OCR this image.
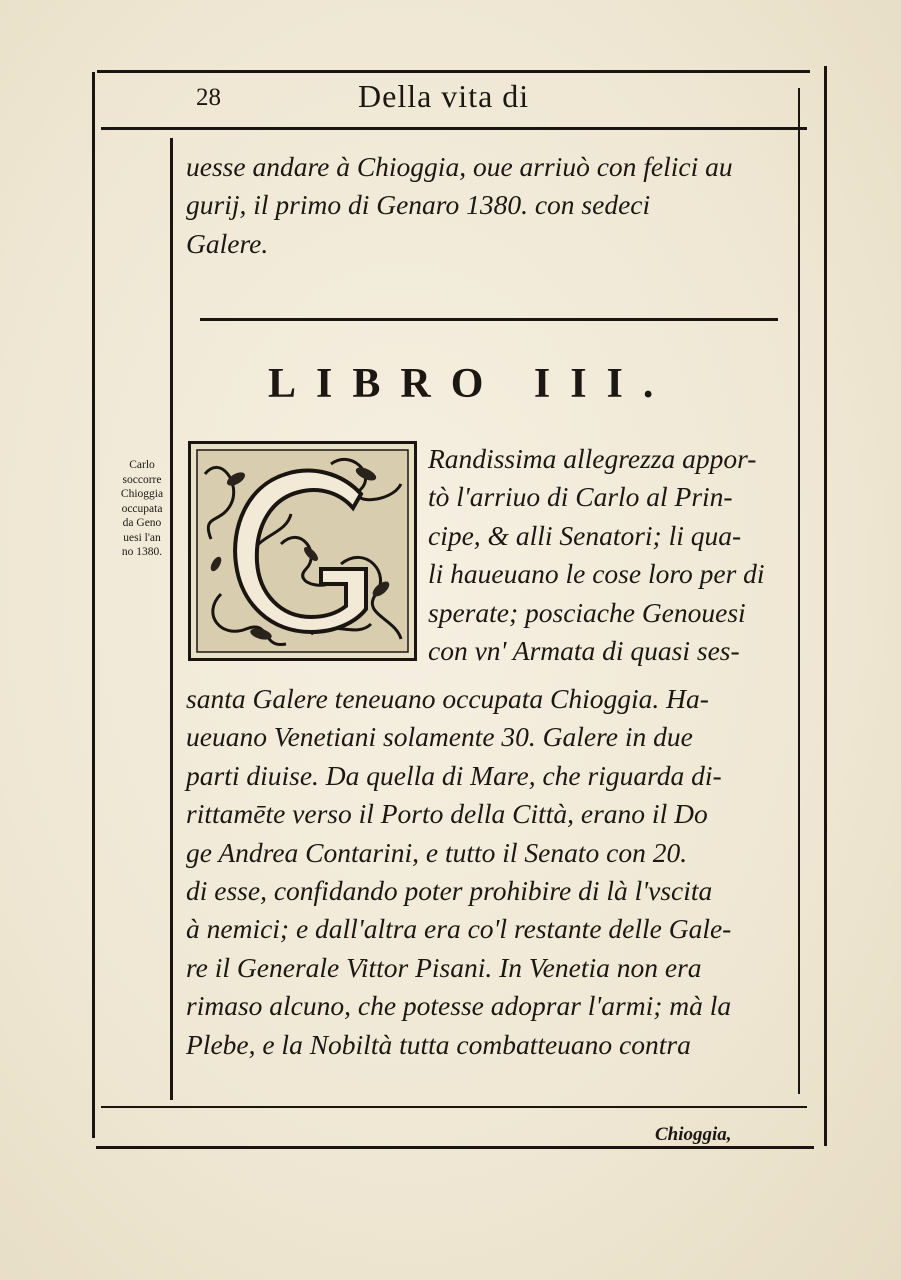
28	Della vita di
uesse andare à Chioggia, oue arriuò con felici au
gurij, il primo di Genaro 1380. con sedeci
Galere.
LIBRO III.
Carlo
soccorre
Chioggia
occupata
da Geno
uesi l'an
no 1380.
Randissima allegrezza appor-
tò l'arriuo di Carlo al Prin-
cipe, & alli Senatori; li qua-
li haueuano le cose loro per di
sperate; posciache Genouesi
con vn' Armata di quasi ses-
santa Galere teneuano occupata Chioggia. Ha-
ueuano Venetiani solamente 30. Galere in due
parti diuise. Da quella di Mare, che riguarda di-
rittamēte verso il Porto della Città, erano il Do
ge Andrea Contarini, e tutto il Senato con 20.
di esse, confidando poter prohibire di là l'vscita
à nemici; e dall'altra era co'l restante delle Gale-
re il Generale Vittor Pisani. In Venetia non era
rimaso alcuno, che potesse adoprar l'armi; mà la
Plebe, e la Nobiltà tutta combatteuano contra
Chioggia,
